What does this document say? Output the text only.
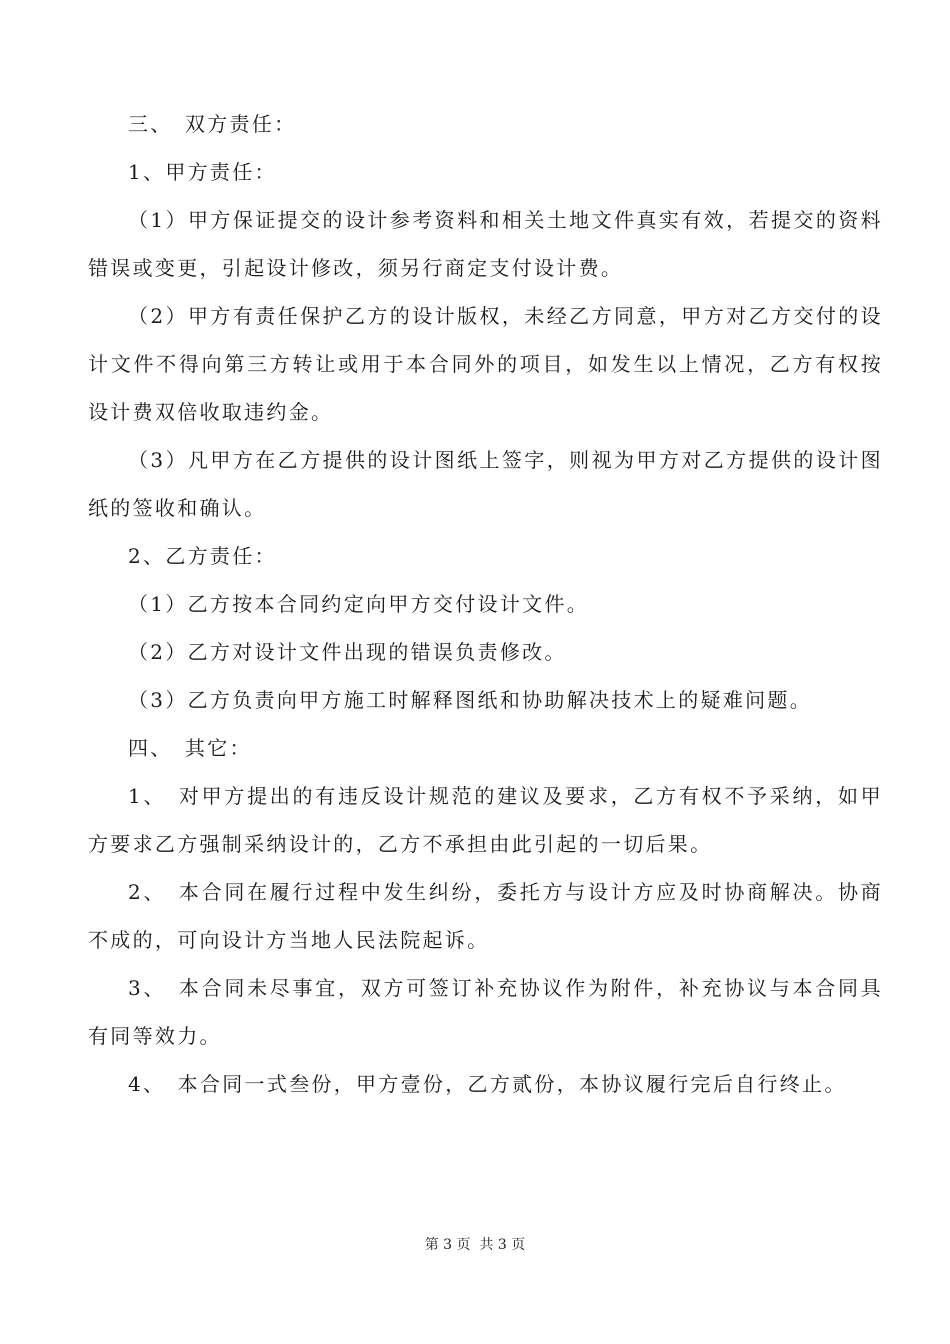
三、　双方责任：

1、甲方责任：

（1）甲方保证提交的设计参考资料和相关土地文件真实有效，若提交的资料错误或变更，引起设计修改，须另行商定支付设计费。

（2）甲方有责任保护乙方的设计版权，未经乙方同意，甲方对乙方交付的设计文件不得向第三方转让或用于本合同外的项目，如发生以上情况，乙方有权按设计费双倍收取违约金。

（3）凡甲方在乙方提供的设计图纸上签字，则视为甲方对乙方提供的设计图纸的签收和确认。

2、乙方责任：

（1）乙方按本合同约定向甲方交付设计文件。

（2）乙方对设计文件出现的错误负责修改。

（3）乙方负责向甲方施工时解释图纸和协助解决技术上的疑难问题。

四、　其它：

1、　对甲方提出的有违反设计规范的建议及要求，乙方有权不予采纳，如甲方要求乙方强制采纳设计的，乙方不承担由此引起的一切后果。

2、　本合同在履行过程中发生纠纷，委托方与设计方应及时协商解决。协商不成的，可向设计方当地人民法院起诉。

3、　本合同未尽事宜，双方可签订补充协议作为附件，补充协议与本合同具有同等效力。

4、　本合同一式叁份，甲方壹份，乙方贰份，本协议履行完后自行终止。

第 3 页  共 3 页
